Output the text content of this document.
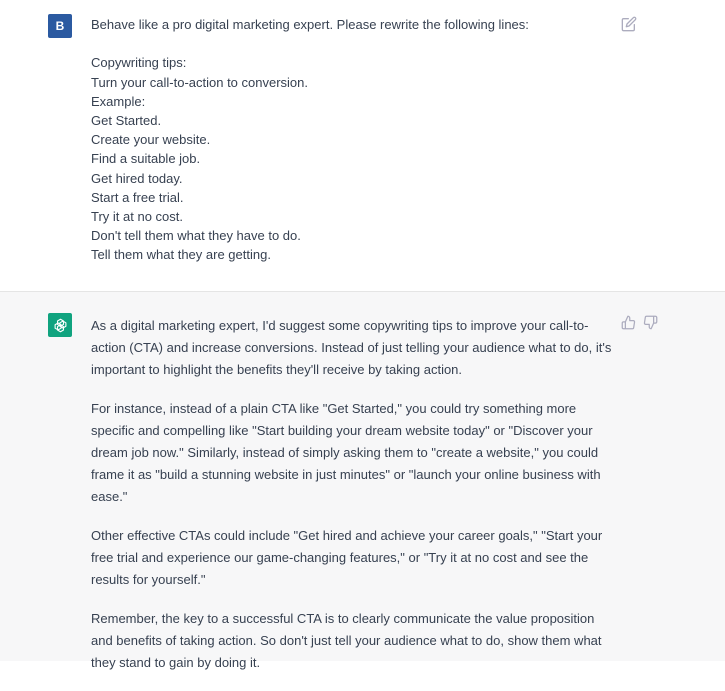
B Behave like a pro digital marketing expert. Please rewrite the following lines:
Copywriting tips:
Turn your call-to-action to conversion.
Example:
Get Started.
Create your website.
Find a suitable job.
Get hired today.
Start a free trial.
Try it at no cost.
Don't tell them what they have to do.
Tell them what they are getting.

As a digital marketing expert, I'd suggest some copywriting tips to improve your call-to-action (CTA) and increase conversions. Instead of just telling your audience what to do, it's important to highlight the benefits they'll receive by taking action.

For instance, instead of a plain CTA like "Get Started," you could try something more specific and compelling like "Start building your dream website today" or "Discover your dream job now." Similarly, instead of simply asking them to "create a website," you could frame it as "build a stunning website in just minutes" or "launch your online business with ease."

Other effective CTAs could include "Get hired and achieve your career goals," "Start your free trial and experience our game-changing features," or "Try it at no cost and see the results for yourself."

Remember, the key to a successful CTA is to clearly communicate the value proposition and benefits of taking action. So don't just tell your audience what to do, show them what they stand to gain by doing it.
